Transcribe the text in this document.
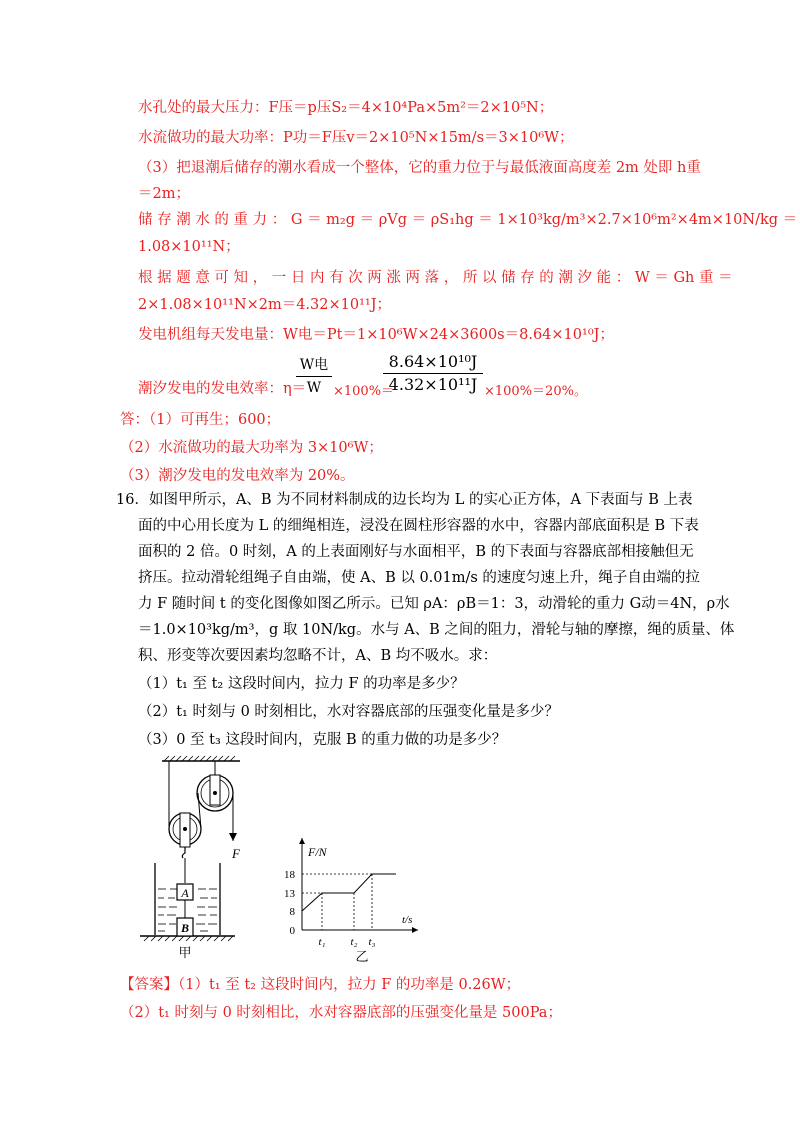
水孔处的最大压力：F压＝p压S₂＝4×10⁴Pa×5m²＝2×10⁵N；
水流做功的最大功率：P功＝F压v＝2×10⁵N×15m/s＝3×10⁶W；
（3）把退潮后储存的潮水看成一个整体，它的重力位于与最低液面高度差 2m 处即 h重
＝2m；
储 存 潮 水 的 重 力 ： G ＝ m₂g ＝ ρVg ＝ ρS₁hg ＝ 1×10³kg/m³×2.7×10⁶m²×4m×10N/kg ＝
1.08×10¹¹N；
根 据 题 意 可 知 ， 一 日 内 有 次 两 涨 两 落 ， 所 以 储 存 的 潮 汐 能 ： W ＝ Gh 重 ＝
2×1.08×10¹¹N×2m＝4.32×10¹¹J；
发电机组每天发电量：W电＝Pt＝1×10⁶W×24×3600s＝8.64×10¹⁰J；
潮汐发电的发电效率：η＝
W电
W ×100%＝
8.64×10¹⁰J
4.32×10¹¹J ×100%＝20%。
答：（1）可再生；600；
（2）水流做功的最大功率为 3×10⁶W；
（3）潮汐发电的发电效率为 20%。
16．如图甲所示，A、B 为不同材料制成的边长均为 L 的实心正方体，A 下表面与 B 上表
面的中心用长度为 L 的细绳相连，浸没在圆柱形容器的水中，容器内部底面积是 B 下表
面积的 2 倍。0 时刻，A 的上表面刚好与水面相平，B 的下表面与容器底部相接触但无
挤压。拉动滑轮组绳子自由端，使 A、B 以 0.01m/s 的速度匀速上升，绳子自由端的拉
力 F 随时间 t 的变化图像如图乙所示。已知 ρA：ρB＝1：3，动滑轮的重力 G动＝4N，ρ水
＝1.0×10³kg/m³，g 取 10N/kg。水与 A、B 之间的阻力，滑轮与轴的摩擦，绳的质量、体
积、形变等次要因素均忽略不计，A、B 均不吸水。求：
（1）t₁ 至 t₂ 这段时间内，拉力 F 的功率是多少？
（2）t₁ 时刻与 0 时刻相比，水对容器底部的压强变化量是多少？
（3）0 至 t₃ 这段时间内，克服 B 的重力做的功是多少？
F
A
B
甲
F/N
t/s
0
8
13
18
t₁ t₂ t₃
乙
【答案】（1）t₁ 至 t₂ 这段时间内，拉力 F 的功率是 0.26W；
（2）t₁ 时刻与 0 时刻相比，水对容器底部的压强变化量是 500Pa；
